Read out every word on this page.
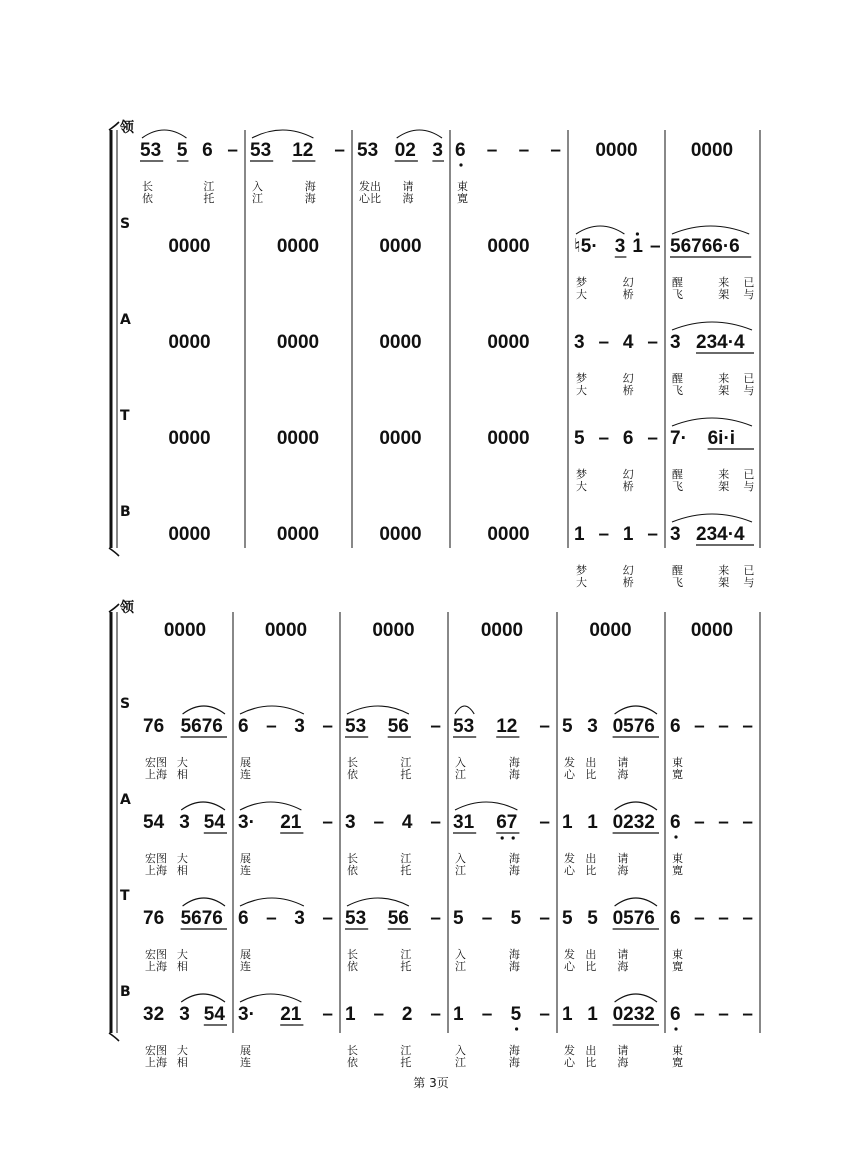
领
53 5 6 –
长	江
依	托
53 12 –
入	海
江	海
53 02 3
发出 请
心比 海
6 – – –
東
寛
0000	0000
S
0000	0000	0000	0000 ♮5· 3 1 –
梦	幻
大	桥
56766·6
醒	来 已
飞	架 与
A
0000	0000	0000	0000 3 – 4 –
梦	幻
大	桥
3 234·4
醒	来 已
飞	架 与
T
0000	0000	0000	0000 5 – 6 –
梦	幻
大	桥
7· 6i·i
醒	来 已
飞	架 与
B
0000	0000	0000	0000 1 – 1 –
梦	幻
大	桥
3 234·4
醒	来 已
飞	架 与
领
0000	0000	0000	0000	0000	0000
S
76 5676
宏图 大
上海 相
6 – 3 –
展
连
53 56 –
长	江
依	托
53 12 –
入	海
江	海
5 3 0576
发 出 请
心 比 海
6 – – –
東
寛
A
54 3 54
宏图 大
上海 相
3· 21 –
展
连
3 – 4 –
长	江
依	托
31 67 –
入	海
江	海
1 1 0232
发 出 请
心 比 海
6 – – –
東
寛
T
76 5676
宏图 大
上海 相
6 – 3 –
展
连
53 56 –
长	江
依	托
5 – 5 –
入	海
江	海
5 5 0576
发 出 请
心 比 海
6 – – –
東
寛
B
32 3 54
宏图 大
上海 相
3· 21 –
展
连
1 – 2 –
长	江
依	托
1 – 5 –
入	海
江	海
1 1 0232
发 出 请
心 比 海
6 – – –
東
寛
第 3页
